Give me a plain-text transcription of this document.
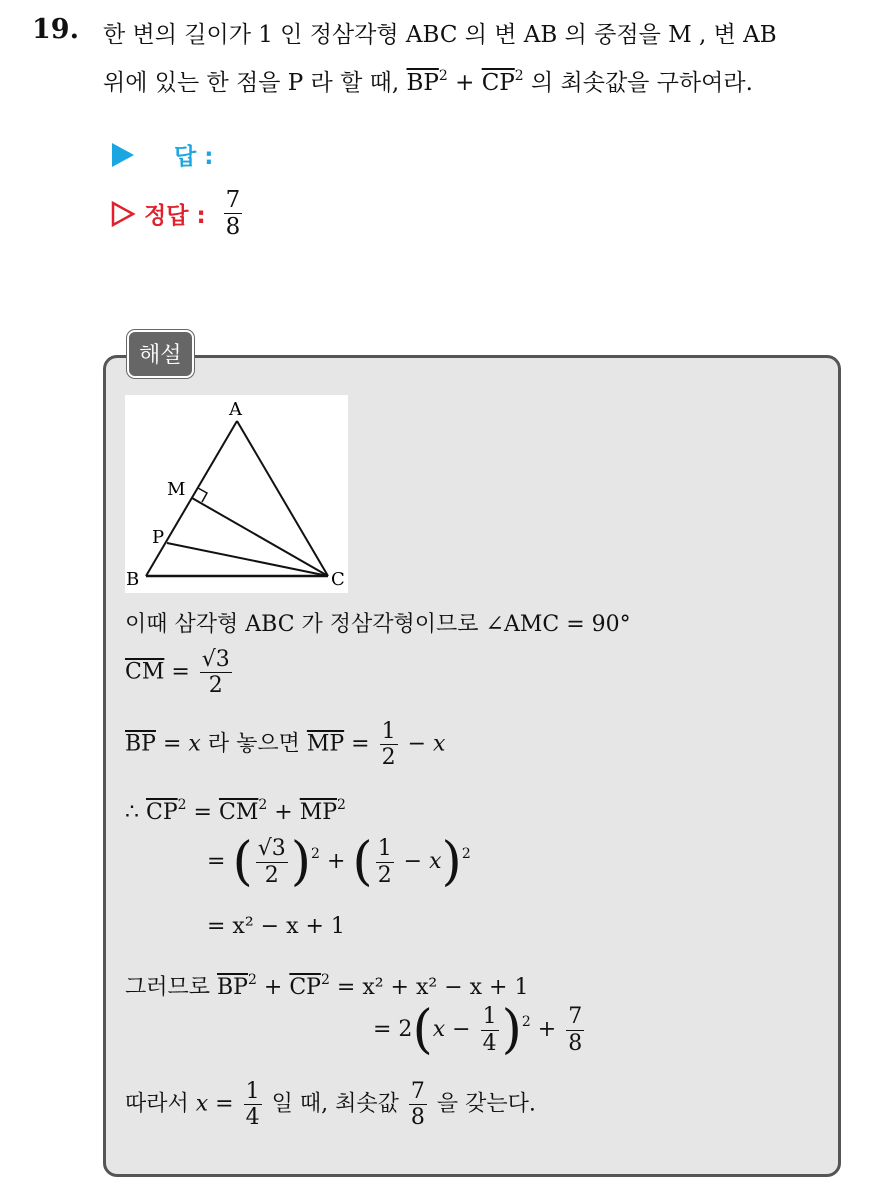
19. 한 변의 길이가 1 인 정삼각형 ABC 의 변 AB 의 중점을 M , 변 AB
위에 있는 한 점을 P 라 할 때, $\overline{BP}^2 + \overline{CP}^2$ 의 최솟값을 구하여라.
답 :
정답 : $\frac{7}{8}$
해설
A
B	C
M
P
이때 삼각형 ABC 가 정삼각형이므로 ∠AMC = 90°
$\overline{CM} = \frac{√3}{2}$
$\overline{BP} = x$ 라 놓으면 $\overline{MP} = \frac{1}{2} - x$
∴ $\overline{CP}^2 = \overline{CM}^2 + \overline{MP}^2$
= ( $\frac{√3}{2} )^2$ + ( $\frac{1}{2} - x)^2$
= x² − x + 1
그러므로 $\overline{BP}^2 + \overline{CP}^2 = x^2 + x^2 - x + 1$
= $2(x - \frac{1}{4} )^2 + \frac{7}{8}$
따라서 $x = \frac{1}{4}$ 일 때, 최솟값 $\frac{7}{8}$ 을 갖는다.
